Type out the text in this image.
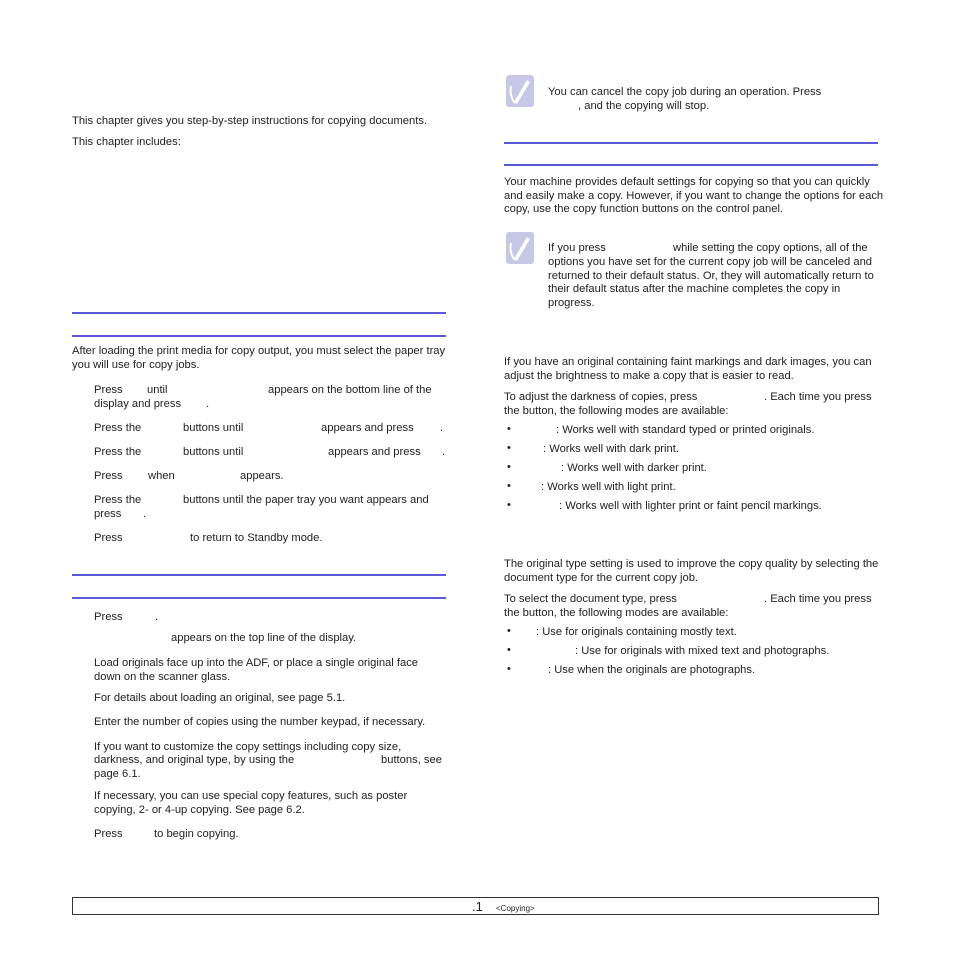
This chapter gives you step-by-step instructions for copying documents.
This chapter includes:
After loading the print media for copy output, you must select the paper tray you will use for copy jobs.
Press until	appears on the bottom line of the
display and press .
Press the	buttons until	appears and press .
Press the	buttons until	appears and press .
Press when	appears.
Press the	buttons until the paper tray you want appears and
press .
Press	to return to Standby mode.
Press	.
appears on the top line of the display.
Load originals face up into the ADF, or place a single original face
down on the scanner glass.
For details about loading an original, see page 5.1.
Enter the number of copies using the number keypad, if necessary.
If you want to customize the copy settings including copy size,
darkness, and original type, by using the	buttons, see
page 6.1.
If necessary, you can use special copy features, such as poster
copying, 2- or 4-up copying. See page 6.2.
Press	to begin copying.
You can cancel the copy job during an operation. Press
, and the copying will stop.
Your machine provides default settings for copying so that you can quickly and easily make a copy. However, if you want to change the options for each copy, use the copy function buttons on the control panel.
If you press	while setting the copy options, all of the
options you have set for the current copy job will be canceled and returned to their default status. Or, they will automatically return to their default status after the machine completes the copy in progress.
If you have an original containing faint markings and dark images, you can adjust the brightness to make a copy that is easier to read.
To adjust the darkness of copies, press	. Each time you press
the button, the following modes are available:
•	: Works well with standard typed or printed originals.
•	: Works well with dark print.
•	: Works well with darker print.
•	: Works well with light print.
•	: Works well with lighter print or faint pencil markings.
The original type setting is used to improve the copy quality by selecting the document type for the current copy job.
To select the document type, press	. Each time you press
the button, the following modes are available:
• : Use for originals containing mostly text.
•	: Use for originals with mixed text and photographs.
•	: Use when the originals are photographs.
.1 <Copying>
